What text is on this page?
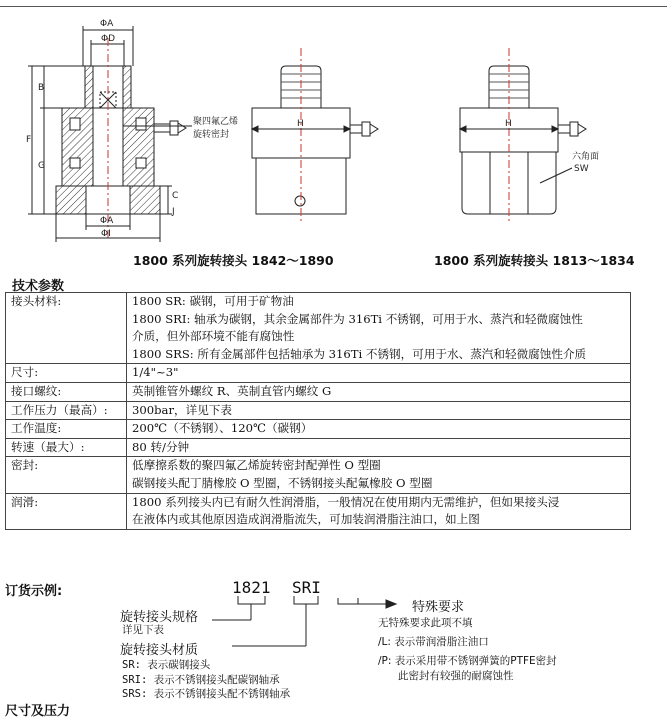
ΦA
ΦD
B
F
G
C
J
ΦA
ΦI
聚四氟乙烯
旋转密封
H	H
六角面
SW
1800 系列旋转接头 1842～1890	1800 系列旋转接头 1813～1834
技术参数
接头材料:	1800 SR: 碳钢，可用于矿物油
1800 SRI: 轴承为碳钢，其余金属部件为 316Ti 不锈钢，可用于水、蒸汽和轻微腐蚀性
介质，但外部环境不能有腐蚀性
1800 SRS: 所有金属部件包括轴承为 316Ti 不锈钢，可用于水、蒸汽和轻微腐蚀性介质

尺寸:	1/4"~3"

接口螺纹:	英制锥管外螺纹 R、英制直管内螺纹 G

工作压力（最高）:	300bar，详见下表

工作温度:	200℃（不锈钢）、120℃（碳钢）

转速（最大）:	80 转/分钟

密封:	低摩擦系数的聚四氟乙烯旋转密封配弹性 O 型圈
碳钢接头配丁腈橡胶 O 型圈，不锈钢接头配氟橡胶 O 型圈

润滑:	1800 系列接头内已有耐久性润滑脂，一般情况在使用期内无需维护，但如果接头浸
在液体内或其他原因造成润滑脂流失，可加装润滑脂注油口，如上图
订货示例:	1821 SRI
旋转接头规格
详见下表
旋转接头材质
SR: 表示碳钢接头
SRI: 表示不锈钢接头配碳钢轴承
SRS: 表示不锈钢接头配不锈钢轴承
特殊要求
无特殊要求此项不填
/L: 表示带润滑脂注油口
/P: 表示采用带不锈钢弹簧的PTFE密封
此密封有较强的耐腐蚀性
尺寸及压力
